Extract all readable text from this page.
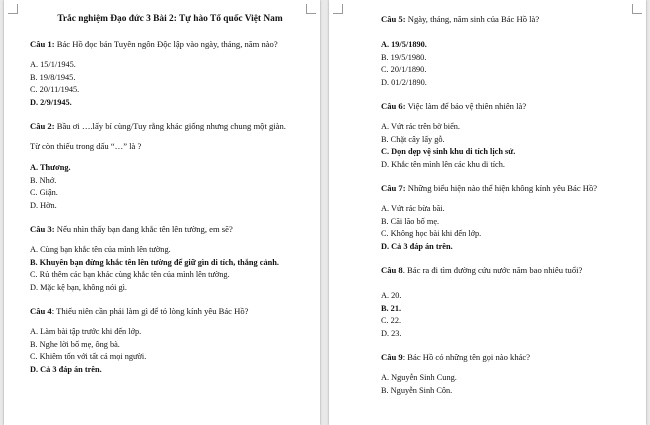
Trắc nghiệm Đạo đức 3 Bài 2: Tự hào Tổ quốc Việt Nam
Câu 1: Bác Hồ đọc bản Tuyên ngôn Độc lập vào ngày, tháng, năm nào?
A. 15/1/1945.
B. 19/8/1945.
C. 20/11/1945.
D. 2/9/1945.
Câu 2: Bầu ơi ….lấy bí cùng/Tuy rằng khác giống nhưng chung một giàn.
Từ còn thiếu trong dấu “…” là ?
A. Thương.
B. Nhớ.
C. Giận.
D. Hờn.
Câu 3: Nếu nhìn thấy bạn đang khắc tên lên tường, em sẽ?
A. Cùng bạn khắc tên của mình lên tường.
B. Khuyên bạn đừng khắc tên lên tường để giữ gìn di tích, thắng cảnh.
C. Rủ thêm các bạn khác cùng khắc tên của mình lên tường.
D. Mặc kệ bạn, không nói gì.
Câu 4: Thiếu niên cần phải làm gì để tỏ lòng kính yêu Bác Hồ?
A. Làm bài tập trước khi đến lớp.
B. Nghe lời bố mẹ, ông bà.
C. Khiêm tốn với tất cả mọi người.
D. Cả 3 đáp án trên.
Câu 5: Ngày, tháng, năm sinh của Bác Hồ là?
A. 19/5/1890.
B. 19/5/1980.
C. 20/1/1890.
D. 01/2/1890.
Câu 6: Việc làm để bảo vệ thiên nhiên là?
A. Vứt rác trên bờ biển.
B. Chặt cây lấy gỗ.
C. Dọn dẹp vệ sinh khu di tích lịch sử.
D. Khắc tên mình lên các khu di tích.
Câu 7: Những biểu hiện nào thể hiện không kính yêu Bác Hồ?
A. Vứt rác bừa bãi.
B. Cãi lão bố mẹ.
C. Không học bài khi đến lớp.
D. Cả 3 đáp án trên.
Câu 8. Bác ra đi tìm đường cứu nước năm bao nhiêu tuổi?
A. 20.
B. 21.
C. 22.
D. 23.
Câu 9: Bác Hồ có những tên gọi nào khác?
A. Nguyễn Sinh Cung.
B. Nguyễn Sinh Côn.
